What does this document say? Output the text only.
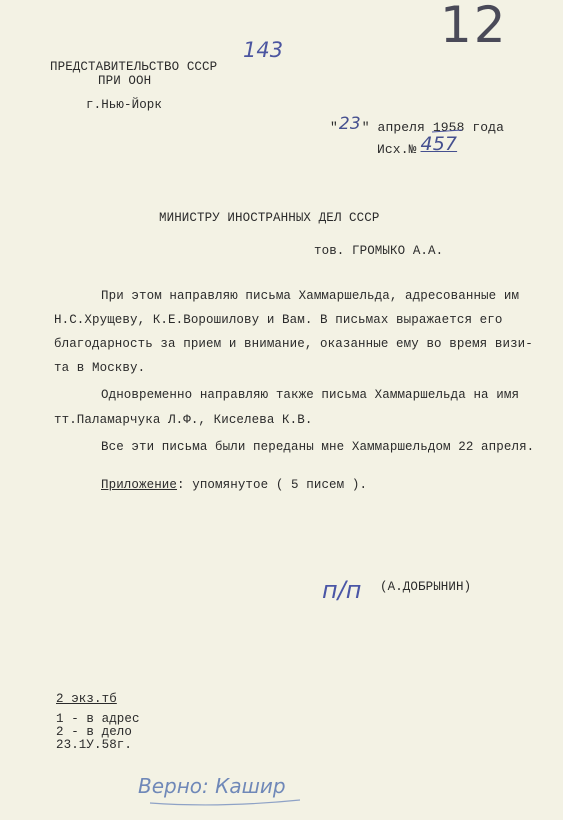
12
143
ПРЕДСТАВИТЕЛЬСТВО СССР
ПРИ ООН
г.Нью-Йорк
"23" апреля 1958 года
Исх.№ 457
МИНИСТРУ ИНОСТРАННЫХ ДЕЛ СССР
тов. ГРОМЫКО А.А.
При этом направляю письма Хаммаршельда, адресованные им
Н.С.Хрущеву, К.Е.Ворошилову и Вам. В письмах выражается его
благодарность за прием и внимание, оказанные ему во время визи-
та в Москву.
Одновременно направляю также письма Хаммаршельда на имя
тт.Паламарчука Л.Ф., Киселева К.В.
Все эти письма были переданы мне Хаммаршельдом 22 апреля.
Приложение: упомянутое ( 5 писем ).
п/п (А.ДОБРЫНИН)
2 экз.тб
1 - в адрес
2 - в дело
23.1У.58г.
Верно: Кашир
